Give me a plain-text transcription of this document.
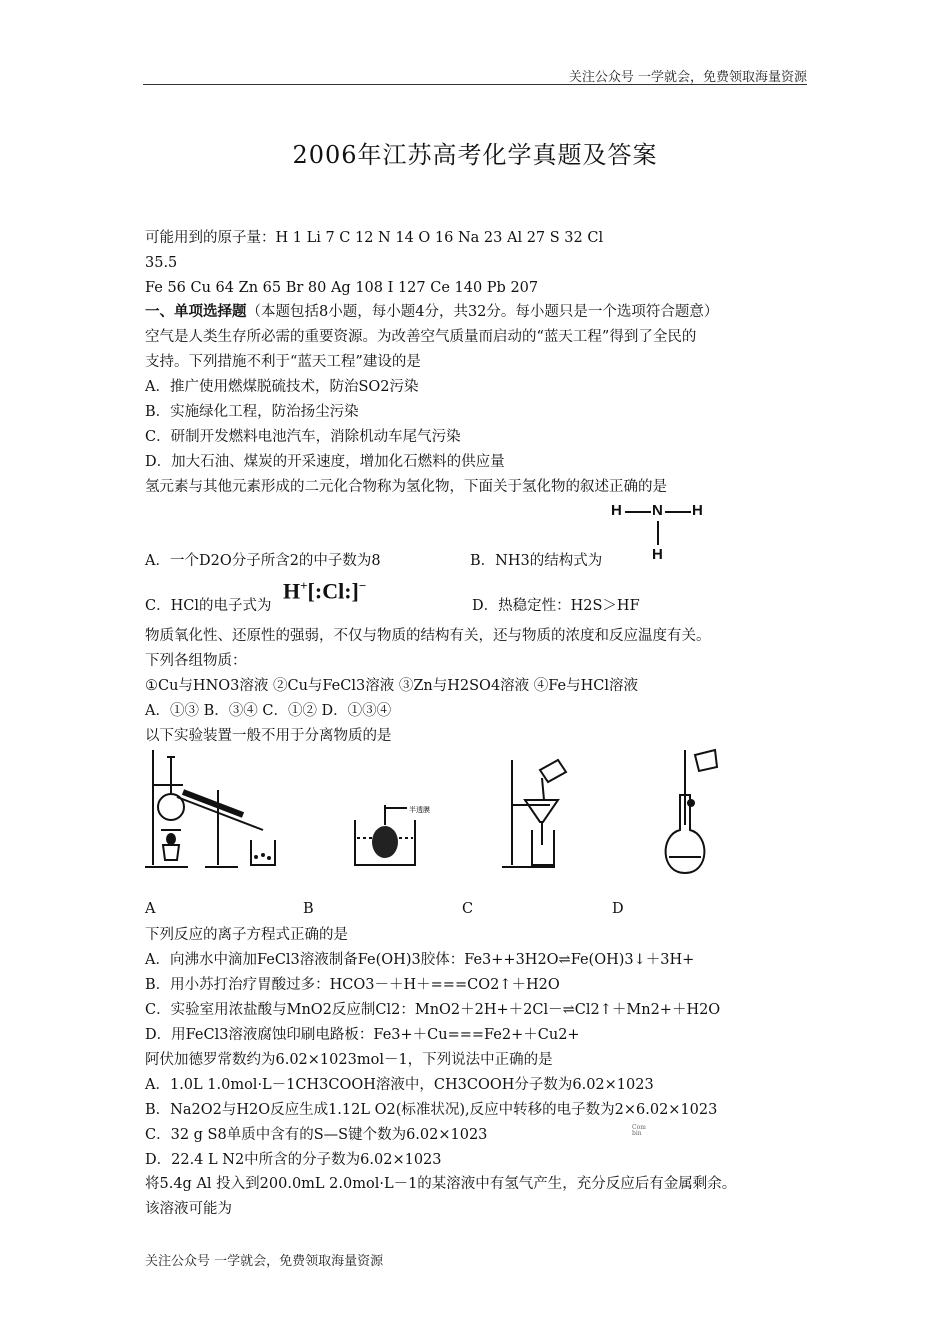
关注公众号 一学就会，免费领取海量资源
2006年江苏高考化学真题及答案
可能用到的原子量：H 1 Li 7 C 12 N 14 O 16 Na 23 Al 27 S 32 Cl
35.5
Fe 56 Cu 64 Zn 65 Br 80 Ag 108 I 127 Ce 140 Pb 207
一、单项选择题（本题包括8小题，每小题4分，共32分。每小题只是一个选项符合题意）
空气是人类生存所必需的重要资源。为改善空气质量而启动的“蓝天工程”得到了全民的
支持。下列措施不利于“蓝天工程”建设的是
A．推广使用燃煤脱硫技术，防治SO2污染
B．实施绿化工程，防治扬尘污染
C．研制开发燃料电池汽车，消除机动车尾气污染
D．加大石油、煤炭的开采速度，增加化石燃料的供应量
氢元素与其他元素形成的二元化合物称为氢化物，下面关于氢化物的叙述正确的是
H N H
H
A．一个D2O分子所含2的中子数为8	B．NH3的结构式为
C．HCl的电子式为
H+[:Cl:]−
D．热稳定性：H2S＞HF
物质氧化性、还原性的强弱，不仅与物质的结构有关，还与物质的浓度和反应温度有关。
下列各组物质：
①Cu与HNO3溶液 ②Cu与FeCl3溶液 ③Zn与H2SO4溶液 ④Fe与HCl溶液
A．①③ B．③④ C．①② D．①③④
以下实验装置一般不用于分离物质的是
半透膜
A	B	C	D
下列反应的离子方程式正确的是
A．向沸水中滴加FeCl3溶液制备Fe(OH)3胶体：Fe3++3H2O⇌Fe(OH)3↓＋3H+
B．用小苏打治疗胃酸过多：HCO3－＋H＋===CO2↑＋H2O
C．实验室用浓盐酸与MnO2反应制Cl2：MnO2＋2H+＋2Cl－⇌Cl2↑＋Mn2+＋H2O
D．用FeCl3溶液腐蚀印刷电路板：Fe3+＋Cu===Fe2+＋Cu2+
阿伏加德罗常数约为6.02×1023mol－1，下列说法中正确的是
A．1.0L 1.0mol·L－1CH3COOH溶液中，CH3COOH分子数为6.02×1023
B．Na2O2与H2O反应生成1.12L O2(标准状况),反应中转移的电子数为2×6.02×1023
C．32 g S8单质中含有的S—S键个数为6.02×1023	Com
bin
D．22.4 L N2中所含的分子数为6.02×1023
将5.4g Al 投入到200.0mL 2.0mol·L－1的某溶液中有氢气产生，充分反应后有金属剩余。
该溶液可能为
关注公众号 一学就会，免费领取海量资源
